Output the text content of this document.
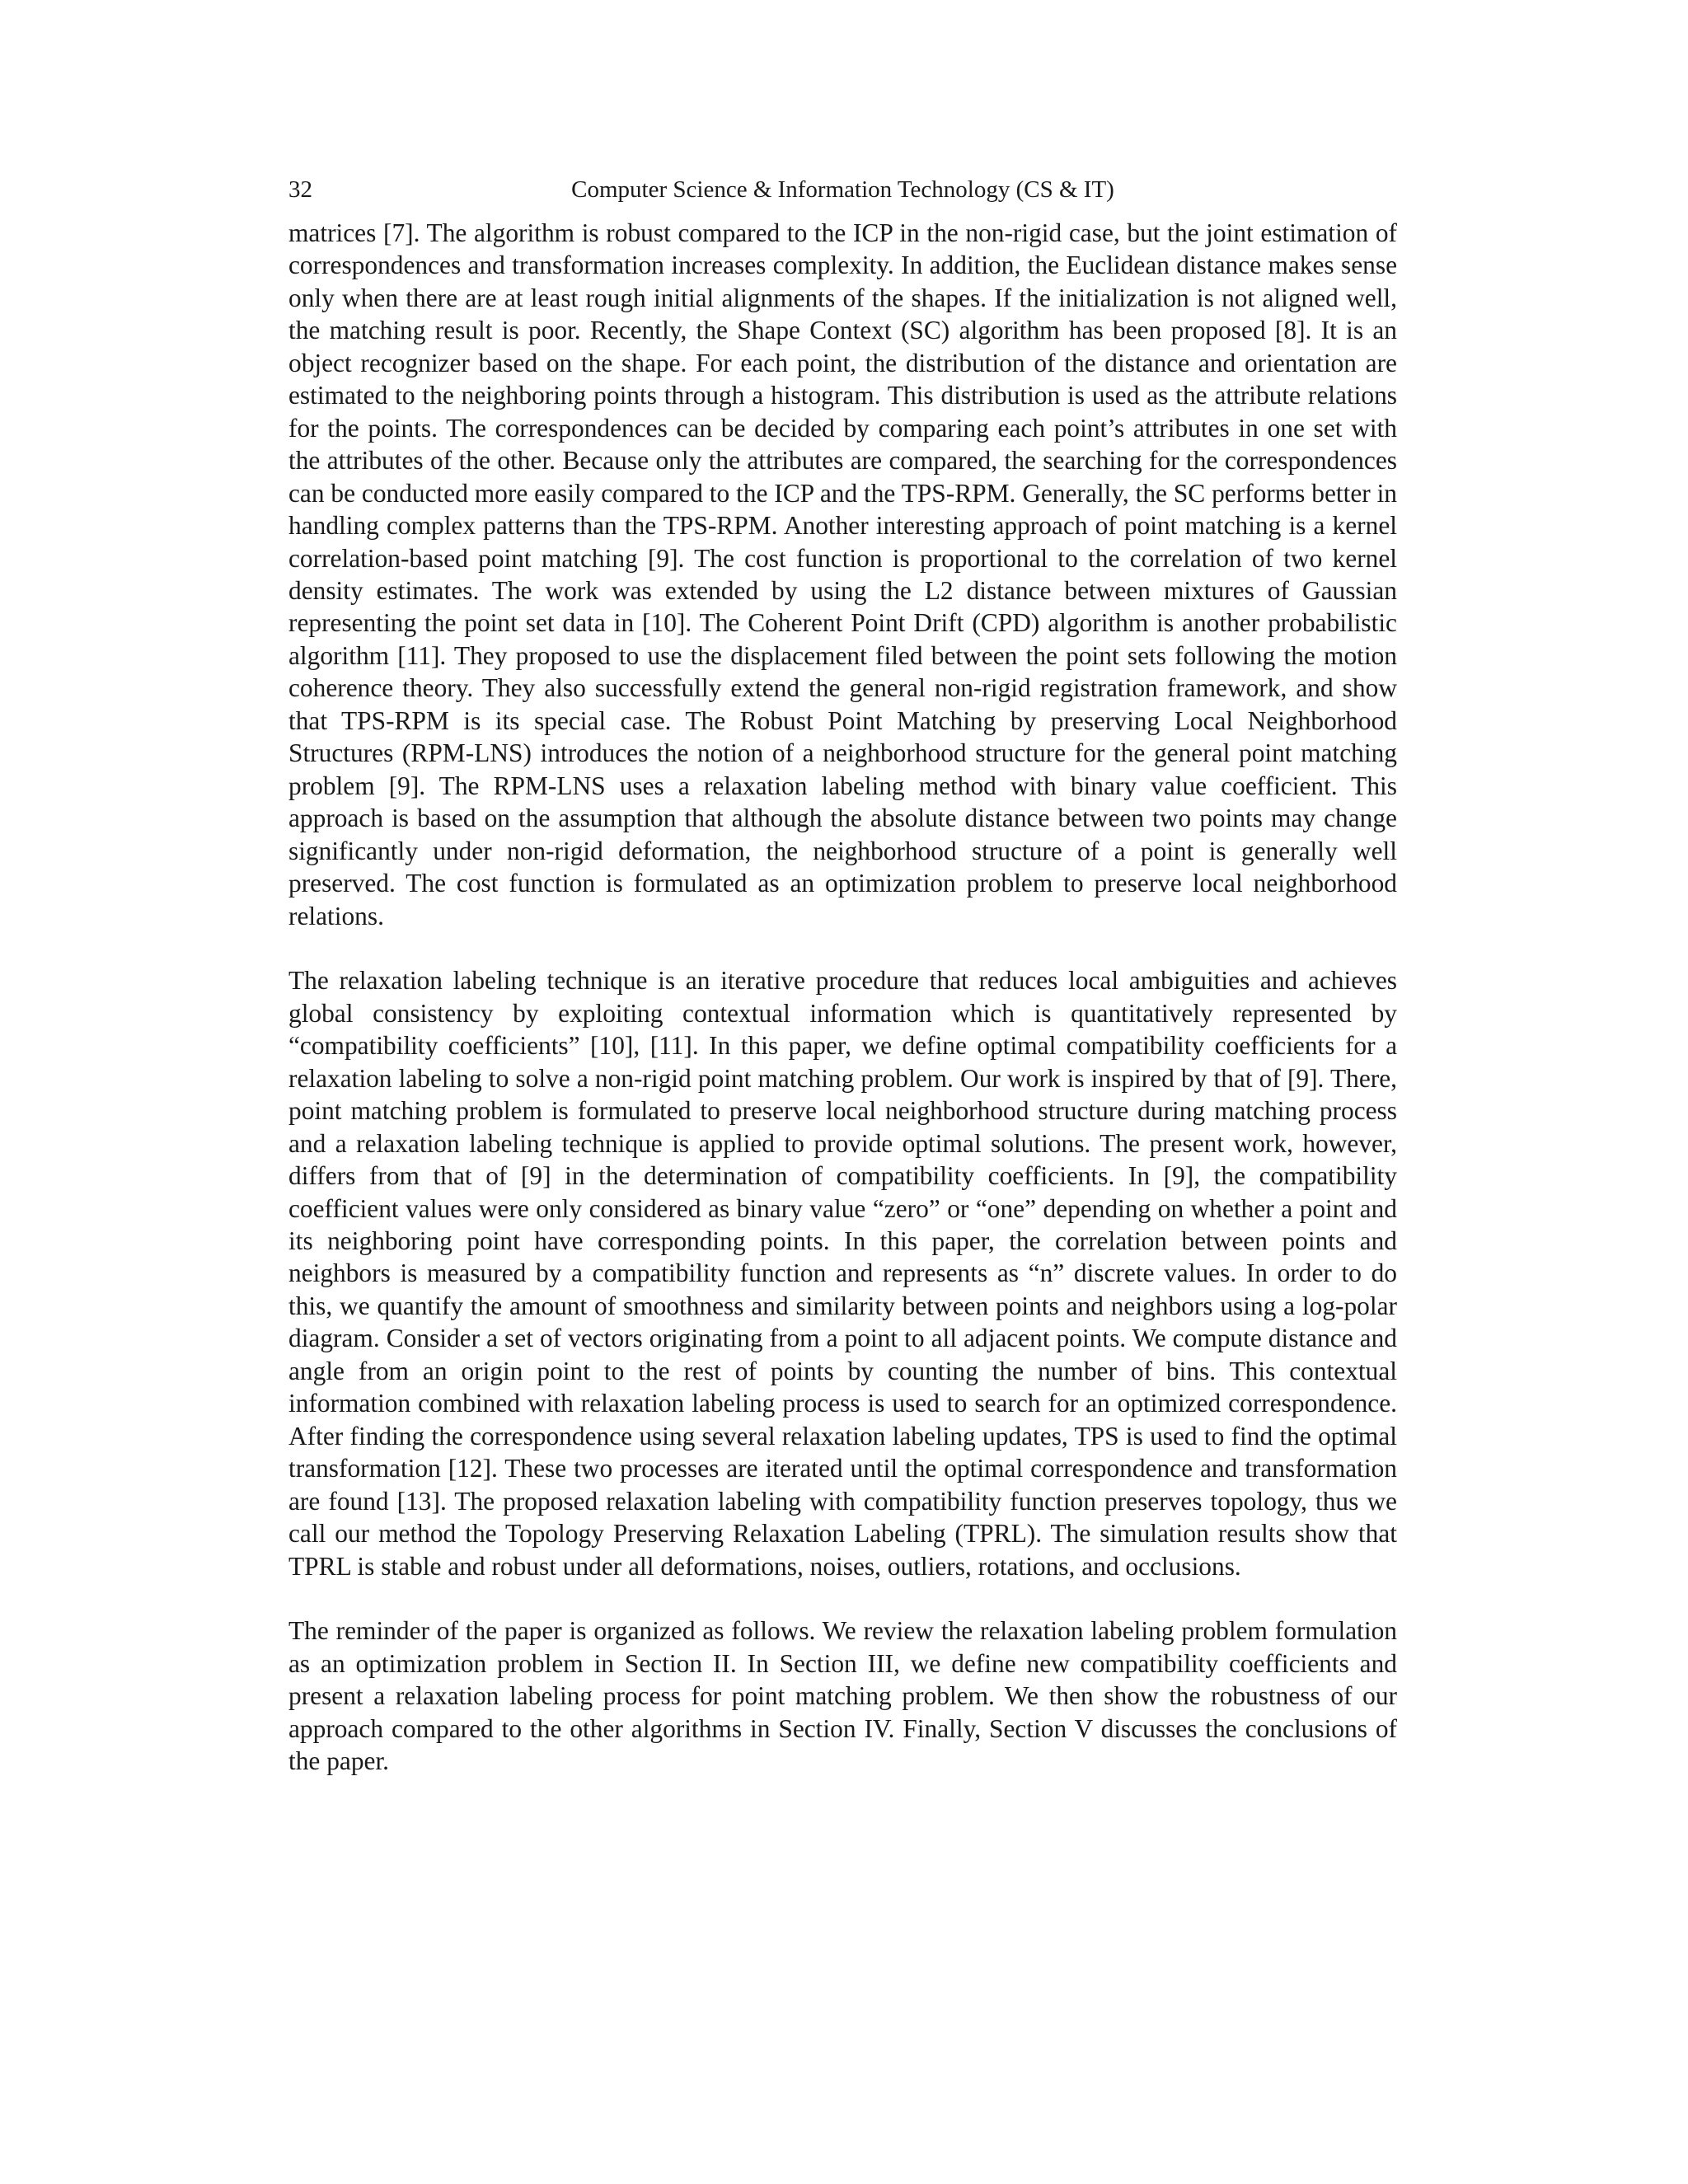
32	Computer Science & Information Technology (CS & IT)

matrices [7]. The algorithm is robust compared to the ICP in the non-rigid case, but the joint estimation of correspondences and transformation increases complexity. In addition, the Euclidean distance makes sense only when there are at least rough initial alignments of the shapes. If the initialization is not aligned well, the matching result is poor. Recently, the Shape Context (SC) algorithm has been proposed [8]. It is an object recognizer based on the shape. For each point, the distribution of the distance and orientation are estimated to the neighboring points through a histogram. This distribution is used as the attribute relations for the points. The correspondences can be decided by comparing each point’s attributes in one set with the attributes of the other. Because only the attributes are compared, the searching for the correspondences can be conducted more easily compared to the ICP and the TPS-RPM. Generally, the SC performs better in handling complex patterns than the TPS-RPM. Another interesting approach of point matching is a kernel correlation-based point matching [9]. The cost function is proportional to the correlation of two kernel density estimates. The work was extended by using the L2 distance between mixtures of Gaussian representing the point set data in [10]. The Coherent Point Drift (CPD) algorithm is another probabilistic algorithm [11]. They proposed to use the displacement filed between the point sets following the motion coherence theory. They also successfully extend the general non-rigid registration framework, and show that TPS-RPM is its special case. The Robust Point Matching by preserving Local Neighborhood Structures (RPM-LNS) introduces the notion of a neighborhood structure for the general point matching problem [9]. The RPM-LNS uses a relaxation labeling method with binary value coefficient. This approach is based on the assumption that although the absolute distance between two points may change significantly under non-rigid deformation, the neighborhood structure of a point is generally well preserved. The cost function is formulated as an optimization problem to preserve local neighborhood relations.

The relaxation labeling technique is an iterative procedure that reduces local ambiguities and achieves global consistency by exploiting contextual information which is quantitatively represented by “compatibility coefficients” [10], [11]. In this paper, we define optimal compatibility coefficients for a relaxation labeling to solve a non-rigid point matching problem. Our work is inspired by that of [9]. There, point matching problem is formulated to preserve local neighborhood structure during matching process and a relaxation labeling technique is applied to provide optimal solutions. The present work, however, differs from that of [9] in the determination of compatibility coefficients. In [9], the compatibility coefficient values were only considered as binary value “zero” or “one” depending on whether a point and its neighboring point have corresponding points. In this paper, the correlation between points and neighbors is measured by a compatibility function and represents as “n” discrete values. In order to do this, we quantify the amount of smoothness and similarity between points and neighbors using a log-polar diagram. Consider a set of vectors originating from a point to all adjacent points. We compute distance and angle from an origin point to the rest of points by counting the number of bins. This contextual information combined with relaxation labeling process is used to search for an optimized correspondence. After finding the correspondence using several relaxation labeling updates, TPS is used to find the optimal transformation [12]. These two processes are iterated until the optimal correspondence and transformation are found [13]. The proposed relaxation labeling with compatibility function preserves topology, thus we call our method the Topology Preserving Relaxation Labeling (TPRL). The simulation results show that TPRL is stable and robust under all deformations, noises, outliers, rotations, and occlusions.

The reminder of the paper is organized as follows. We review the relaxation labeling problem formulation as an optimization problem in Section II. In Section III, we define new compatibility coefficients and present a relaxation labeling process for point matching problem. We then show the robustness of our approach compared to the other algorithms in Section IV. Finally, Section V discusses the conclusions of the paper.
